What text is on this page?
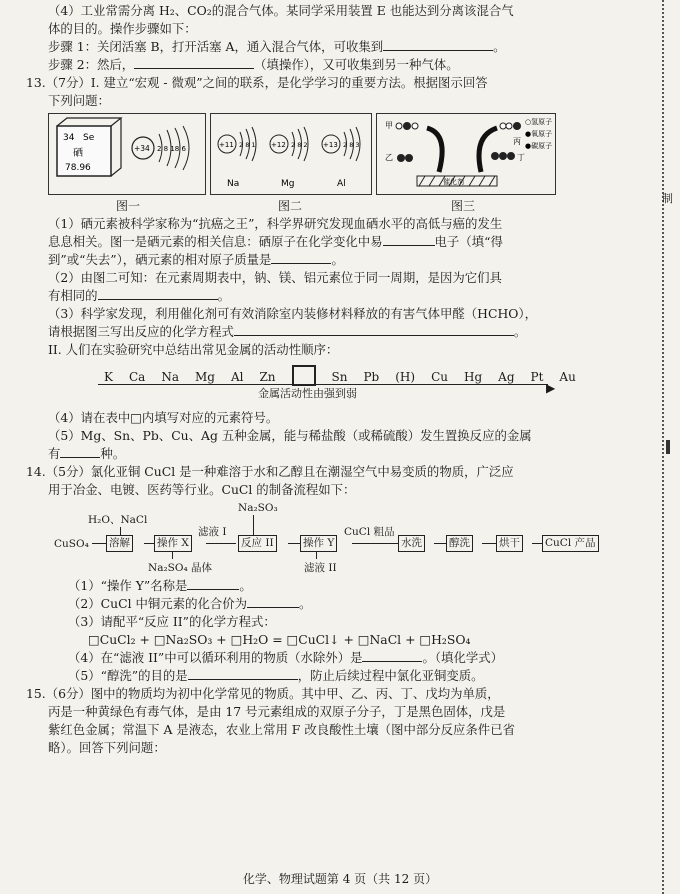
制
（4）工业常需分离 H₂、CO₂的混合气体。某同学采用装置 E 也能达到分离该混合气
体的目的。操作步骤如下：
步骤 1：关闭活塞 B，打开活塞 A，通入混合气体，可收集到	。
步骤 2：然后，	（填操作），又可收集到另一种气体。
13.（7分）I. 建立“宏观 - 微观”之间的联系，是化学学习的重要方法。根据图示回答
下列问题：
34 Se
硒
78.96
+34 2 8 18 6	+11 2 8 1
Na
+12 2 8 2
Mg
+13 2 8 3
Al
甲
乙
丙
丁
○氢原子
●氧原子
●碳原子
催化剂
图一	图二	图三
（1）硒元素被科学家称为“抗癌之王”，科学界研究发现血硒水平的高低与癌的发生
息息相关。图一是硒元素的相关信息：硒原子在化学变化中易	电子（填“得
到”或“失去”），硒元素的相对原子质量是	。
（2）由图二可知：在元素周期表中，钠、镁、铝元素位于同一周期，是因为它们具
有相同的	。
（3）科学家发现，利用催化剂可有效消除室内装修材料释放的有害气体甲醛（HCHO），
请根据图三写出反应的化学方程式	。
II. 人们在实验研究中总结出常见金属的活动性顺序：
K Ca Na Mg Al Zn	Sn Pb (H) Cu Hg Ag Pt Au
▶
金属活动性由强到弱
（4）请在表中□内填写对应的元素符号。
（5）Mg、Sn、Pb、Cu、Ag 五种金属，能与稀盐酸（或稀硫酸）发生置换反应的金属
有	种。
14.（5分）氯化亚铜 CuCl 是一种难溶于水和乙醇且在潮湿空气中易变质的物质，广泛应
用于冶金、电镀、医药等行业。CuCl 的制备流程如下：
H₂O、NaCl
CuSO₄ 溶解	操作 X
滤液 I
Na₂SO₃
反应 II	操作 Y
CuCl 粗品
水洗	醇洗	烘干 CuCl 产品
Na₂SO₄ 晶体	滤液 II
（1）“操作 Y”名称是	。
（2）CuCl 中铜元素的化合价为	。
（3）请配平“反应 II”的化学方程式：
□CuCl₂ + □Na₂SO₃ + □H₂O = □CuCl↓ + □NaCl + □H₂SO₄
（4）在“滤液 II”中可以循环利用的物质（水除外）是	。（填化学式）
（5）“醇洗”的目的是	，防止后续过程中氯化亚铜变质。
15.（6分）图中的物质均为初中化学常见的物质。其中甲、乙、丙、丁、戊均为单质，
丙是一种黄绿色有毒气体，是由 17 号元素组成的双原子分子，丁是黑色固体，戊是
紫红色金属；常温下 A 是液态，农业上常用 F 改良酸性土壤（图中部分反应条件已省
略）。回答下列问题：
化学、物理试题第 4 页（共 12 页）
